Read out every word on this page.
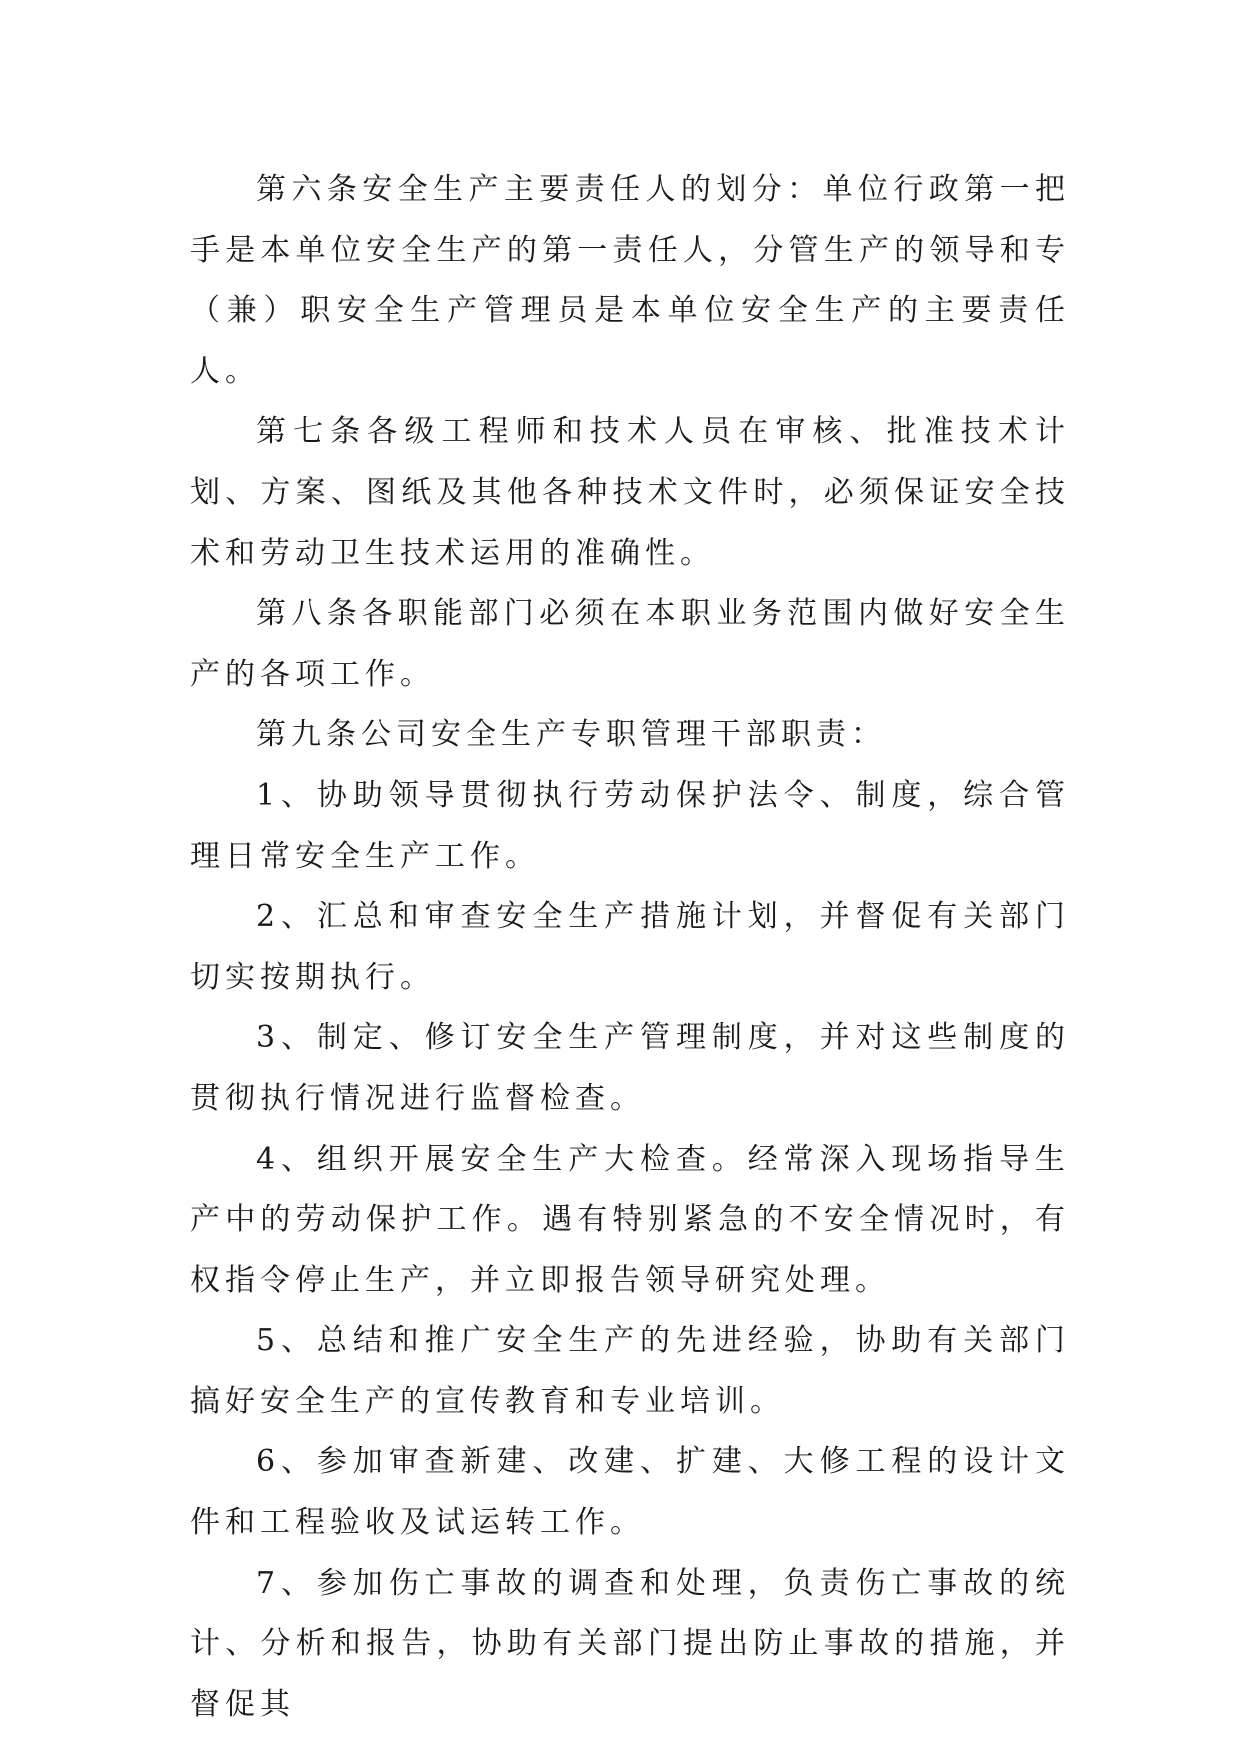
第六条安全生产主要责任人的划分：单位行政第一把手是本单位安全生产的第一责任人，分管生产的领导和专（兼）职安全生产管理员是本单位安全生产的主要责任人。

第七条各级工程师和技术人员在审核、批准技术计划、方案、图纸及其他各种技术文件时，必须保证安全技术和劳动卫生技术运用的准确性。

第八条各职能部门必须在本职业务范围内做好安全生产的各项工作。

第九条公司安全生产专职管理干部职责：

1、协助领导贯彻执行劳动保护法令、制度，综合管理日常安全生产工作。

2、汇总和审查安全生产措施计划，并督促有关部门切实按期执行。

3、制定、修订安全生产管理制度，并对这些制度的贯彻执行情况进行监督检查。

4、组织开展安全生产大检查。经常深入现场指导生产中的劳动保护工作。遇有特别紧急的不安全情况时，有权指令停止生产，并立即报告领导研究处理。

5、总结和推广安全生产的先进经验，协助有关部门搞好安全生产的宣传教育和专业培训。

6、参加审查新建、改建、扩建、大修工程的设计文件和工程验收及试运转工作。

7、参加伤亡事故的调查和处理，负责伤亡事故的统计、分析和报告，协助有关部门提出防止事故的措施，并督促其
